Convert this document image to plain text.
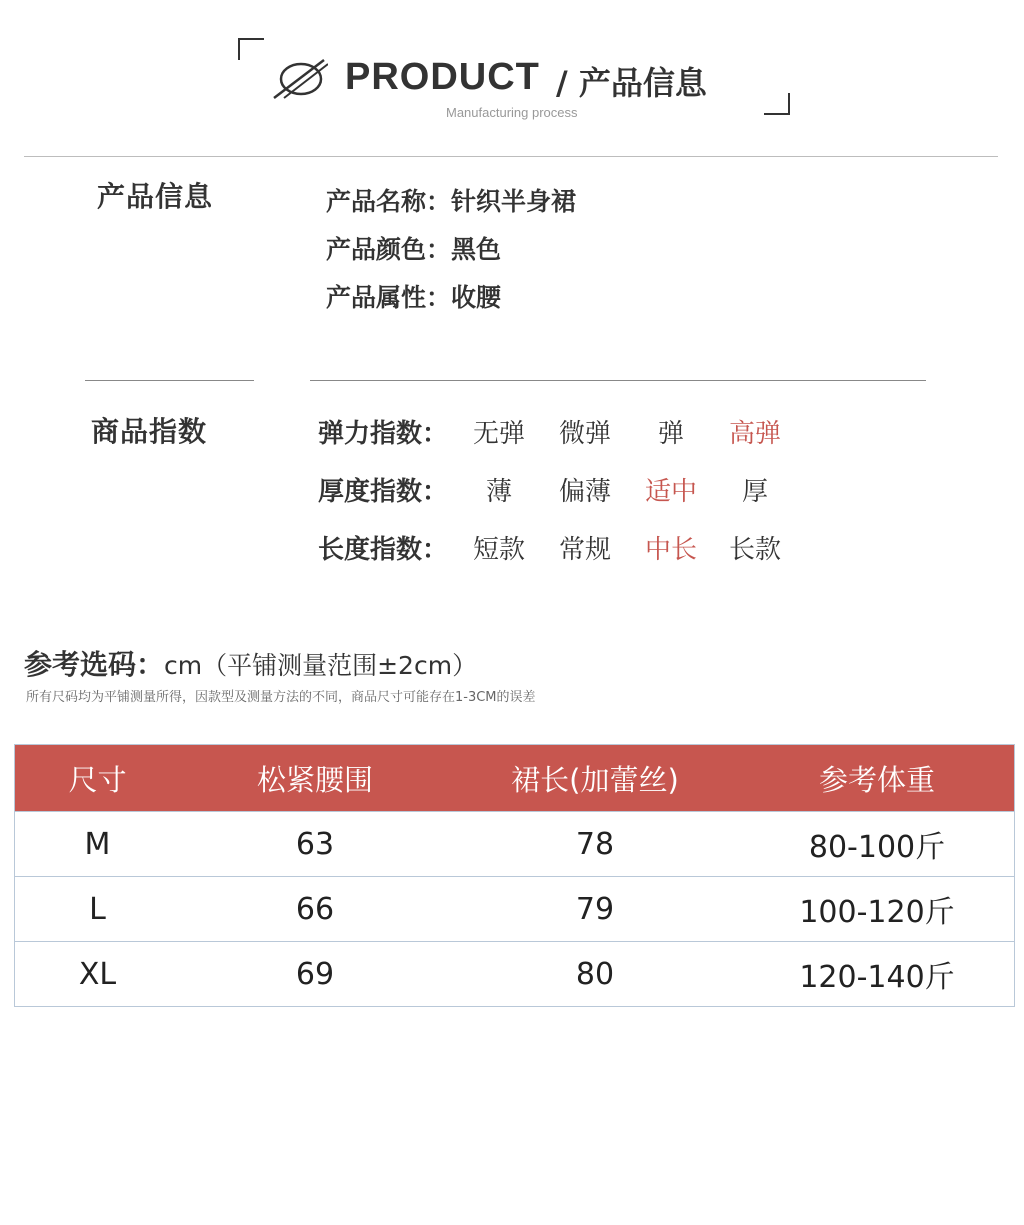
PRODUCT / 产品信息
Manufacturing process
产品信息	产品名称：针织半身裙
产品颜色：黑色
产品属性：收腰
商品指数	弹力指数： 无弹	微弹	弹	高弹
厚度指数：	薄	偏薄	适中	厚
长度指数： 短款	常规	中长	长款
参考选码：cm（平铺测量范围±2cm）
所有尺码均为平铺测量所得，因款型及测量方法的不同，商品尺寸可能存在1-3CM的误差
尺寸	松紧腰围	裙长(加蕾丝)	参考体重
M	63	78	80-100斤
L	66	79	100-120斤
XL	69	80	120-140斤
